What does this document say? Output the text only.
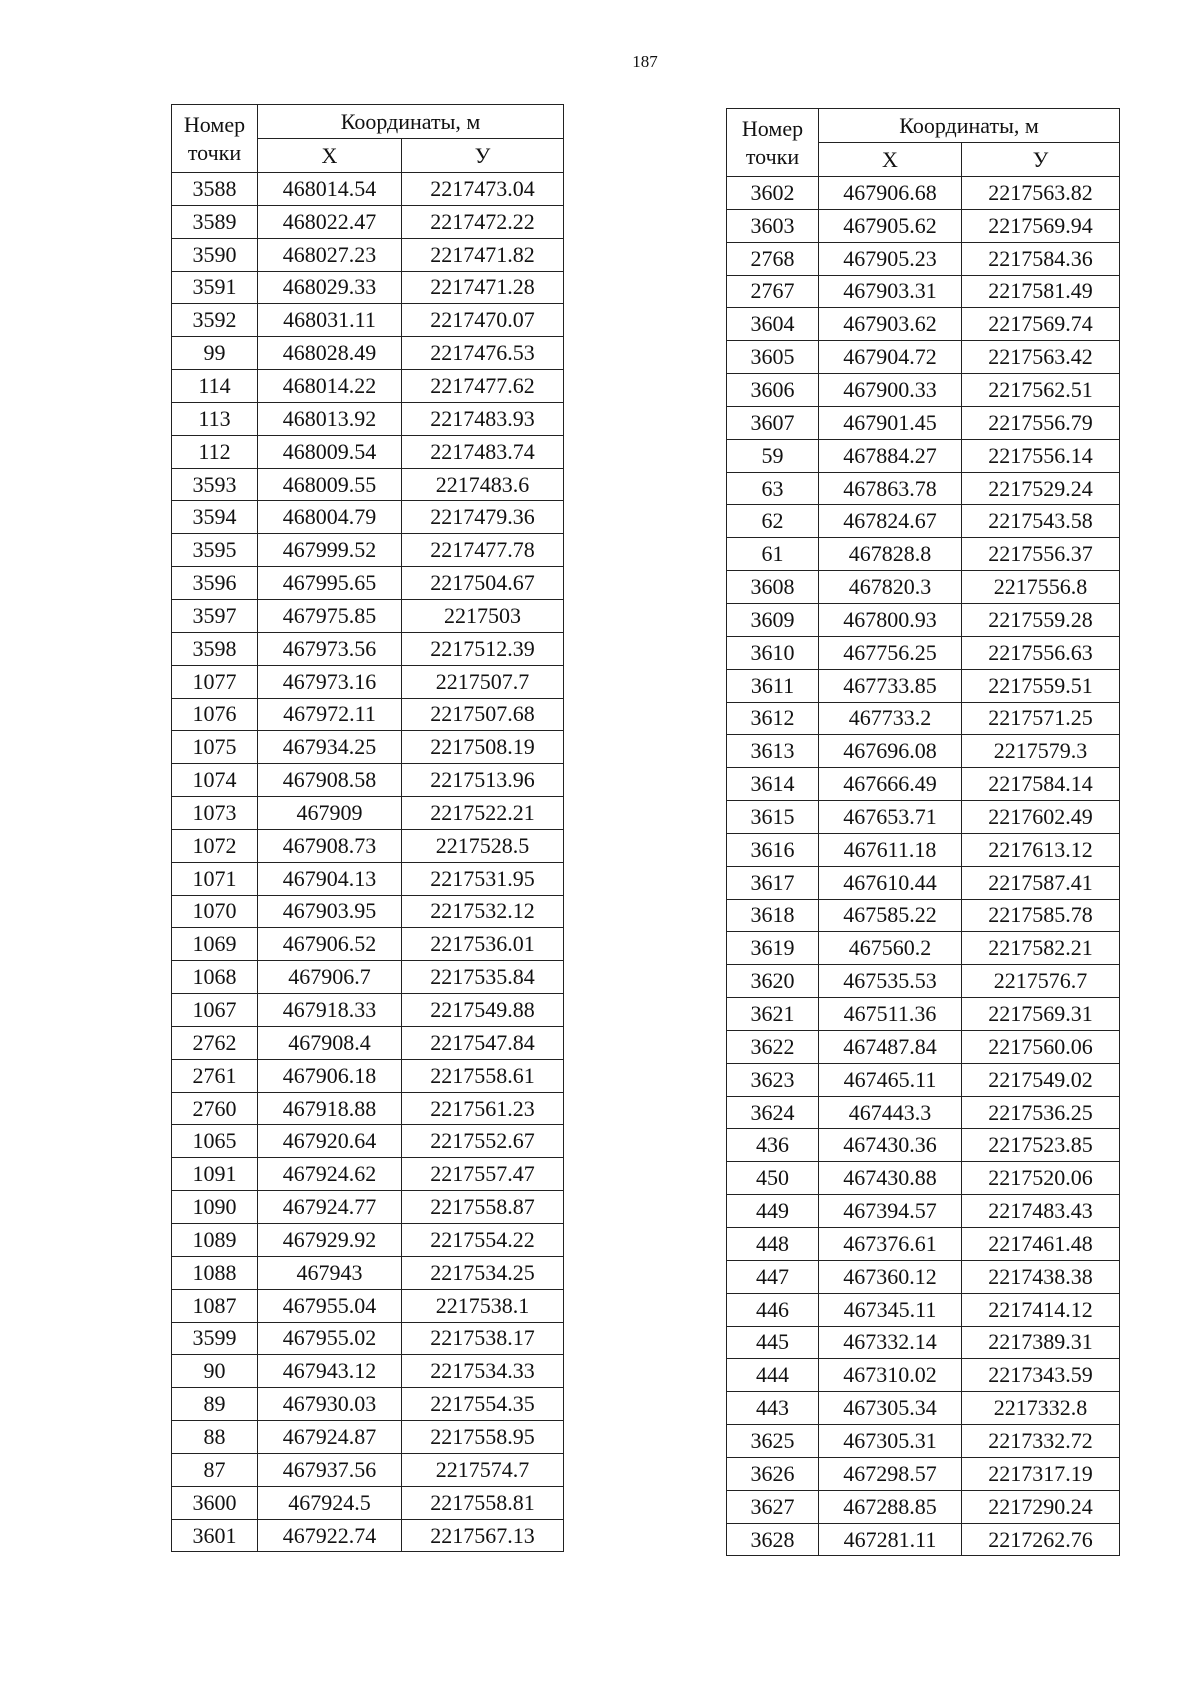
187
Номер точки	Координаты, м	
	X	У
3588	468014.54	2217473.04
3589	468022.47	2217472.22
3590	468027.23	2217471.82
3591	468029.33	2217471.28
3592	468031.11	2217470.07
99	468028.49	2217476.53
114	468014.22	2217477.62
113	468013.92	2217483.93
112	468009.54	2217483.74
3593	468009.55	2217483.6
3594	468004.79	2217479.36
3595	467999.52	2217477.78
3596	467995.65	2217504.67
3597	467975.85	2217503
3598	467973.56	2217512.39
1077	467973.16	2217507.7
1076	467972.11	2217507.68
1075	467934.25	2217508.19
1074	467908.58	2217513.96
1073	467909	2217522.21
1072	467908.73	2217528.5
1071	467904.13	2217531.95
1070	467903.95	2217532.12
1069	467906.52	2217536.01
1068	467906.7	2217535.84
1067	467918.33	2217549.88
2762	467908.4	2217547.84
2761	467906.18	2217558.61
2760	467918.88	2217561.23
1065	467920.64	2217552.67
1091	467924.62	2217557.47
1090	467924.77	2217558.87
1089	467929.92	2217554.22
1088	467943	2217534.25
1087	467955.04	2217538.1
3599	467955.02	2217538.17
90	467943.12	2217534.33
89	467930.03	2217554.35
88	467924.87	2217558.95
87	467937.56	2217574.7
3600	467924.5	2217558.81
3601	467922.74	2217567.13
Номер точки	Координаты, м	
	X	У
3602	467906.68	2217563.82
3603	467905.62	2217569.94
2768	467905.23	2217584.36
2767	467903.31	2217581.49
3604	467903.62	2217569.74
3605	467904.72	2217563.42
3606	467900.33	2217562.51
3607	467901.45	2217556.79
59	467884.27	2217556.14
63	467863.78	2217529.24
62	467824.67	2217543.58
61	467828.8	2217556.37
3608	467820.3	2217556.8
3609	467800.93	2217559.28
3610	467756.25	2217556.63
3611	467733.85	2217559.51
3612	467733.2	2217571.25
3613	467696.08	2217579.3
3614	467666.49	2217584.14
3615	467653.71	2217602.49
3616	467611.18	2217613.12
3617	467610.44	2217587.41
3618	467585.22	2217585.78
3619	467560.2	2217582.21
3620	467535.53	2217576.7
3621	467511.36	2217569.31
3622	467487.84	2217560.06
3623	467465.11	2217549.02
3624	467443.3	2217536.25
436	467430.36	2217523.85
450	467430.88	2217520.06
449	467394.57	2217483.43
448	467376.61	2217461.48
447	467360.12	2217438.38
446	467345.11	2217414.12
445	467332.14	2217389.31
444	467310.02	2217343.59
443	467305.34	2217332.8
3625	467305.31	2217332.72
3626	467298.57	2217317.19
3627	467288.85	2217290.24
3628	467281.11	2217262.76
